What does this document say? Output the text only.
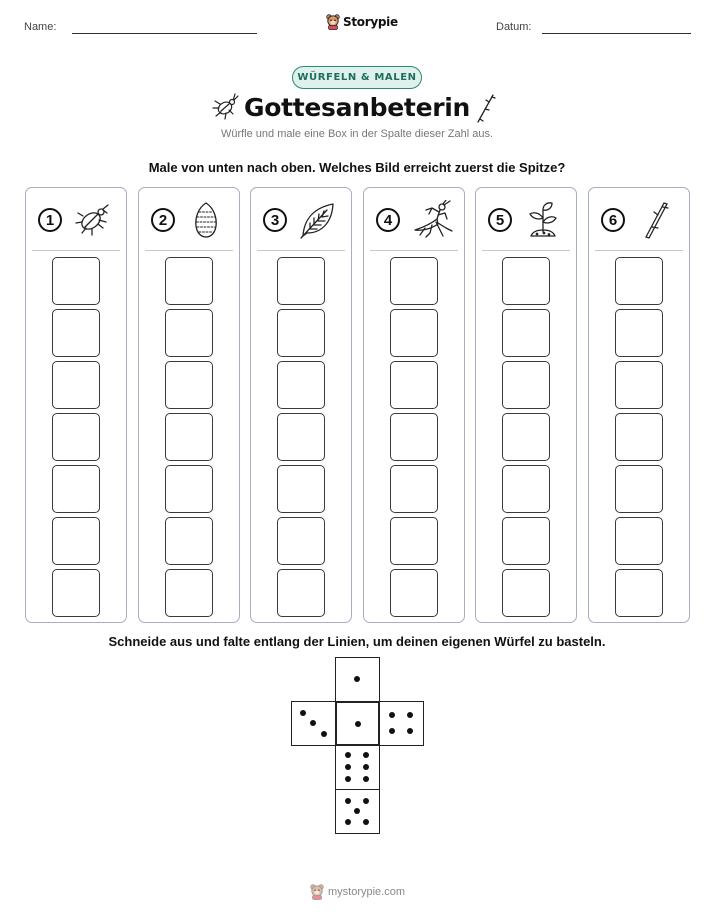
Name:	Storypie	Datum:
WÜRFELN & MALEN
Gottesanbeterin
Würfle und male eine Box in der Spalte dieser Zahl aus.
Male von unten nach oben. Welches Bild erreicht zuerst die Spitze?
1	2	3	4	5	6
Schneide aus und falte entlang der Linien, um deinen eigenen Würfel zu basteln.
mystorypie.com
